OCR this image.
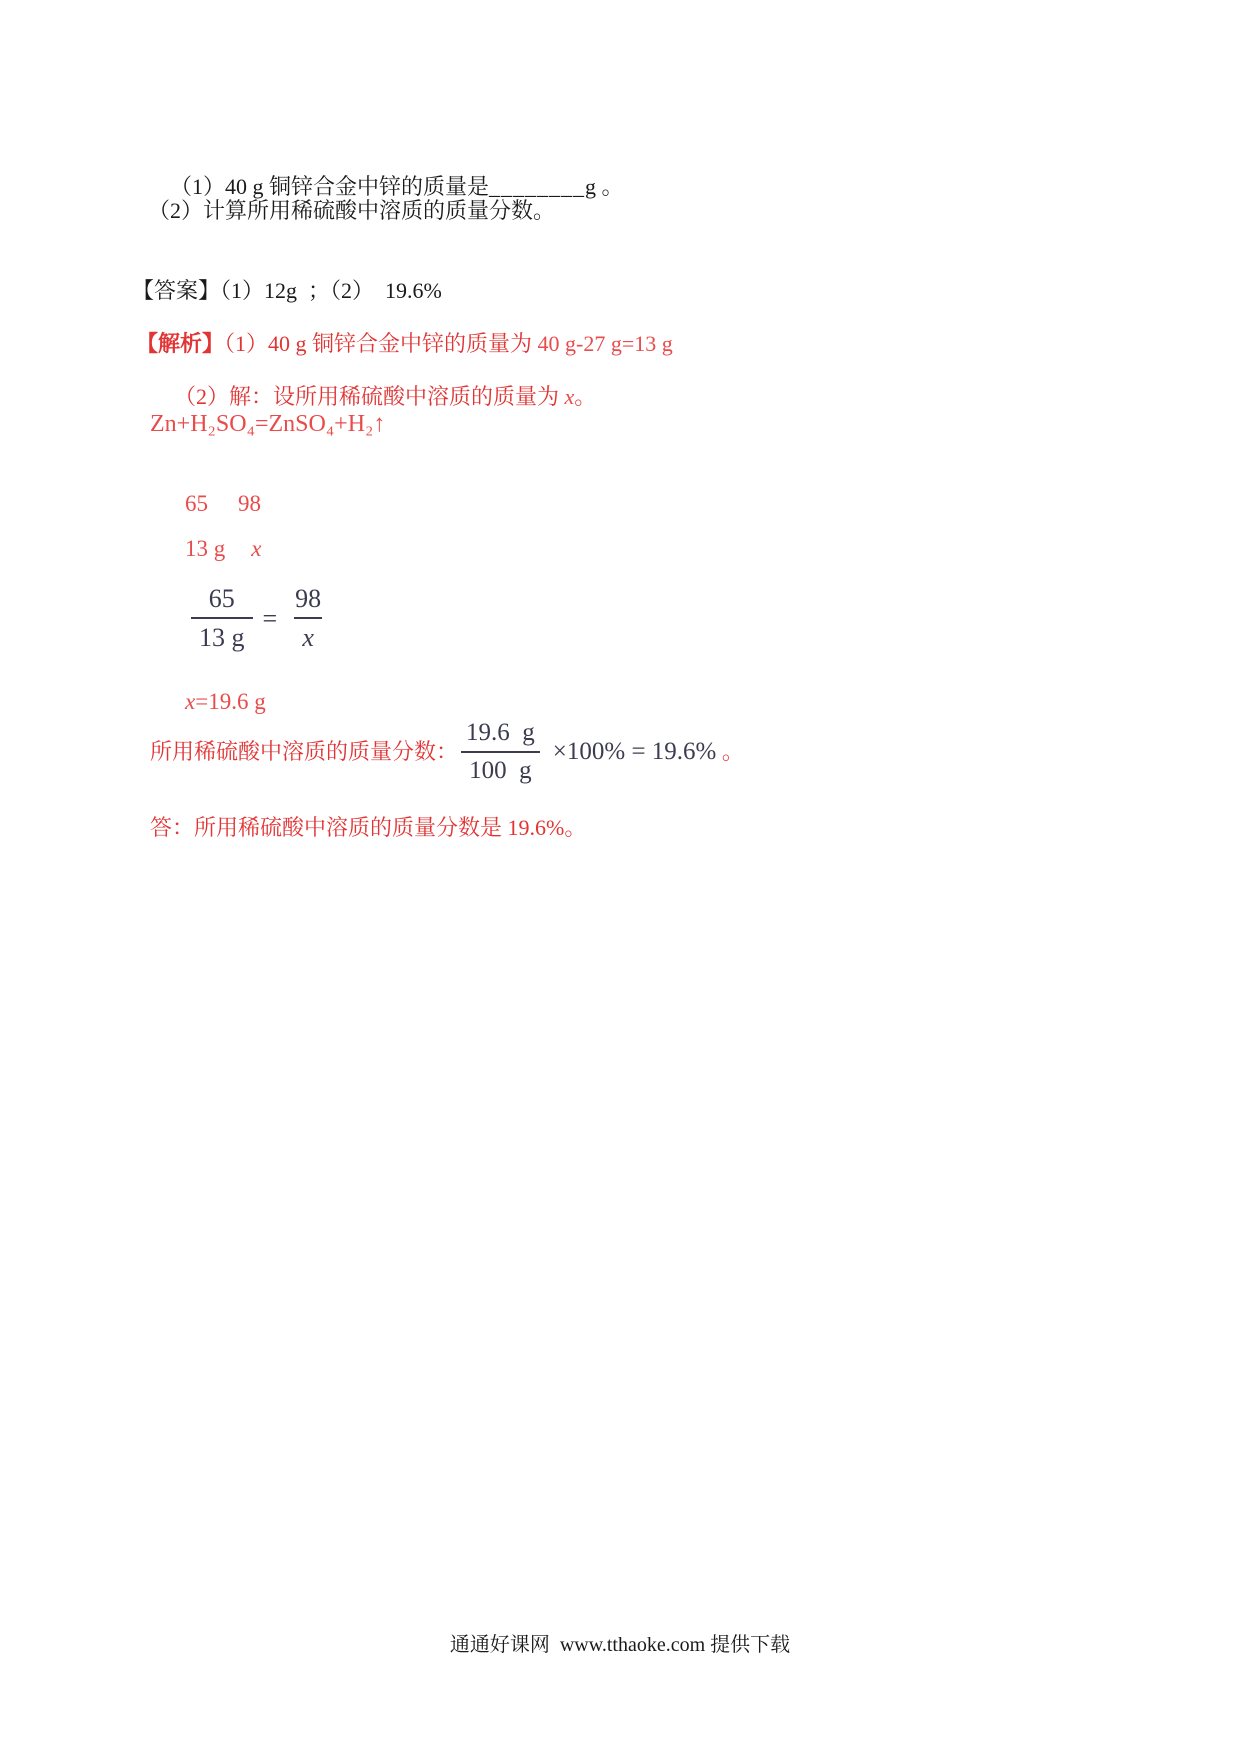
（1）40 g 铜锌合金中锌的质量是________g 。

（2）计算所用稀硫酸中溶质的质量分数。

【答案】（1）12g  ；（2）  19.6%

【解析】（1）40 g 铜锌合金中锌的质量为 40 g-27 g=13 g

（2）解：设所用稀硫酸中溶质的质量为 x。

Zn+H₂SO₄=ZnSO₄+H₂↑

65 98

13 g x

$\frac{65}{13 g} = \frac{98}{x}$

x=19.6 g

所用稀硫酸中溶质的质量分数： $\frac{19.6 g}{100 g} \times 100\% = 19.6\%$ 。
答：所用稀硫酸中溶质的质量分数是 19.6%。
通通好课网  www.tthaoke.com 提供下载
